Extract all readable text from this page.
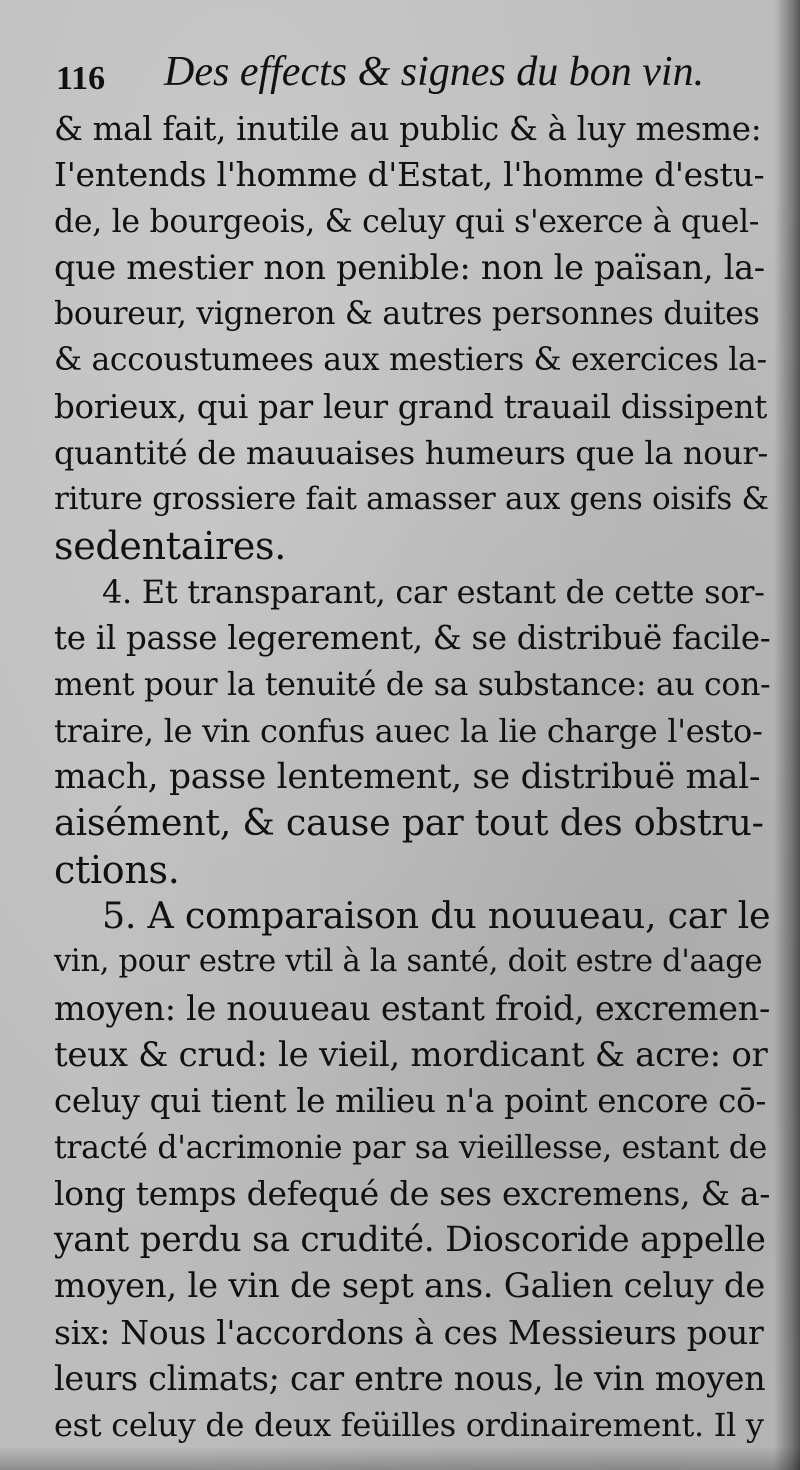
116 Des effects & signes du bon vin.
& mal fait, inutile au public & à luy mesme:
I'entends l'homme d'Estat, l'homme d'estu-
de, le bourgeois, & celuy qui s'exerce à quel-
que mestier non penible: non le païsan, la-
boureur, vigneron & autres personnes duites
& accoustumees aux mestiers & exercices la-
borieux, qui par leur grand trauail dissipent
quantité de mauuaises humeurs que la nour-
riture grossiere fait amasser aux gens oisifs &
sedentaires.
4. Et transparant, car estant de cette sor-
te il passe legerement, & se distribuë facile-
ment pour la tenuité de sa substance: au con-
traire, le vin confus auec la lie charge l'esto-
mach, passe lentement, se distribuë mal-
aisément, & cause par tout des obstru-
ctions.
5. A comparaison du nouueau, car le
vin, pour estre vtil à la santé, doit estre d'aage
moyen: le nouueau estant froid, excremen-
teux & crud: le vieil, mordicant & acre: or
celuy qui tient le milieu n'a point encore cō-
tracté d'acrimonie par sa vieillesse, estant de
long temps defequé de ses excremens, & a-
yant perdu sa crudité. Dioscoride appelle
moyen, le vin de sept ans. Galien celuy de
six: Nous l'accordons à ces Messieurs pour
leurs climats; car entre nous, le vin moyen
est celuy de deux feüilles ordinairement. Il y
